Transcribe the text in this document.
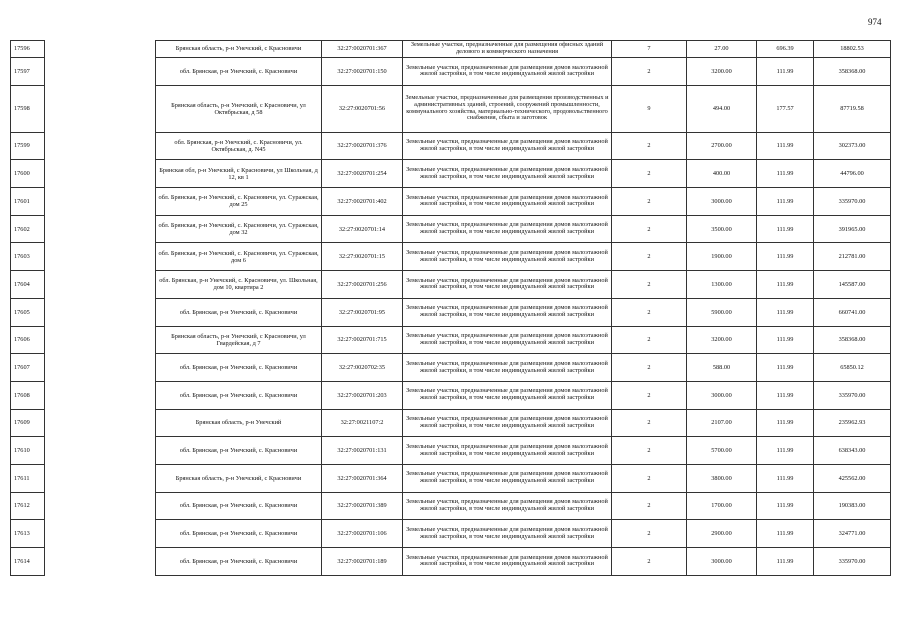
974
17596		Брянская область, р-н Унечский, с Красновичи	32:27:0020701:367	Земельные участки, предназначенные для размещения офисных зданий делового и коммерческого назначения	7	27.00	696.39	18802.53
17597		обл. Брянская, р-н Унечский, с. Красновичи	32:27:0020701:150	Земельные участки, предназначенные для размещения домов малоэтажной жилой застройки, в том числе индивидуальной жилой застройки	2	3200.00	111.99	358368.00
17598		Брянская область, р-н Унечский, с Красновичи, ул Октябрьская, д 58	32:27:0020701:56	Земельные участки, предназначенные для размещения производственных и административных зданий, строений, сооружений промышленности, коммунального хозяйства, материально-технического, продовольственного снабжения, сбыта и заготовок	9	494.00	177.57	87719.58
17599		обл. Брянская, р-н Унечский, с. Красновичи, ул. Октябрьская, д. N45	32:27:0020701:376	Земельные участки, предназначенные для размещения домов малоэтажной жилой застройки, в том числе индивидуальной жилой застройки	2	2700.00	111.99	302373.00
17600		Брянская обл, р-н Унечский, с Красновичи, ул Школьная, д 12, кв 1	32:27:0020701:254	Земельные участки, предназначенные для размещения домов малоэтажной жилой застройки, в том числе индивидуальной жилой застройки	2	400.00	111.99	44796.00
17601		обл. Брянская, р-н Унечский, с. Красновичи, ул. Суражская, дом 25	32:27:0020701:402	Земельные участки, предназначенные для размещения домов малоэтажной жилой застройки, в том числе индивидуальной жилой застройки	2	3000.00	111.99	335970.00
17602		обл. Брянская, р-н Унечский, с. Красновичи, ул. Суражская, дом 32	32:27:0020701:14	Земельные участки, предназначенные для размещения домов малоэтажной жилой застройки, в том числе индивидуальной жилой застройки	2	3500.00	111.99	391965.00
17603		обл. Брянская, р-н Унечский, с. Красновичи, ул. Суражская, дом 6	32:27:0020701:15	Земельные участки, предназначенные для размещения домов малоэтажной жилой застройки, в том числе индивидуальной жилой застройки	2	1900.00	111.99	212781.00
17604		обл. Брянская, р-н Унечский, с. Красновичи, ул. Школьная, дом 10, квартира 2	32:27:0020701:256	Земельные участки, предназначенные для размещения домов малоэтажной жилой застройки, в том числе индивидуальной жилой застройки	2	1300.00	111.99	145587.00
17605		обл. Брянская, р-н Унечский, с. Красновичи	32:27:0020701:95	Земельные участки, предназначенные для размещения домов малоэтажной жилой застройки, в том числе индивидуальной жилой застройки	2	5900.00	111.99	660741.00
17606		Брянская область, р-н Унечский, с Красновичи, ул Гвардейская, д 7	32:27:0020701:715	Земельные участки, предназначенные для размещения домов малоэтажной жилой застройки, в том числе индивидуальной жилой застройки	2	3200.00	111.99	358368.00
17607		обл. Брянская, р-н Унечский, с. Красновичи	32:27:0020702:35	Земельные участки, предназначенные для размещения домов малоэтажной жилой застройки, в том числе индивидуальной жилой застройки	2	588.00	111.99	65850.12
17608		обл. Брянская, р-н Унечский, с. Красновичи	32:27:0020701:203	Земельные участки, предназначенные для размещения домов малоэтажной жилой застройки, в том числе индивидуальной жилой застройки	2	3000.00	111.99	335970.00
17609		Брянская область, р-н Унечский	32:27:0021107:2	Земельные участки, предназначенные для размещения домов малоэтажной жилой застройки, в том числе индивидуальной жилой застройки	2	2107.00	111.99	235962.93
17610		обл. Брянская, р-н Унечский, с. Красновичи	32:27:0020701:131	Земельные участки, предназначенные для размещения домов малоэтажной жилой застройки, в том числе индивидуальной жилой застройки	2	5700.00	111.99	638343.00
17611		Брянская область, р-н Унечский, с Красновичи	32:27:0020701:364	Земельные участки, предназначенные для размещения домов малоэтажной жилой застройки, в том числе индивидуальной жилой застройки	2	3800.00	111.99	425562.00
17612		обл. Брянская, р-н Унечский, с. Красновичи	32:27:0020701:389	Земельные участки, предназначенные для размещения домов малоэтажной жилой застройки, в том числе индивидуальной жилой застройки	2	1700.00	111.99	190383.00
17613		обл. Брянская, р-н Унечский, с. Красновичи	32:27:0020701:106	Земельные участки, предназначенные для размещения домов малоэтажной жилой застройки, в том числе индивидуальной жилой застройки	2	2900.00	111.99	324771.00
17614		обл. Брянская, р-н Унечский, с. Красновичи	32:27:0020701:189	Земельные участки, предназначенные для размещения домов малоэтажной жилой застройки, в том числе индивидуальной жилой застройки	2	3000.00	111.99	335970.00
